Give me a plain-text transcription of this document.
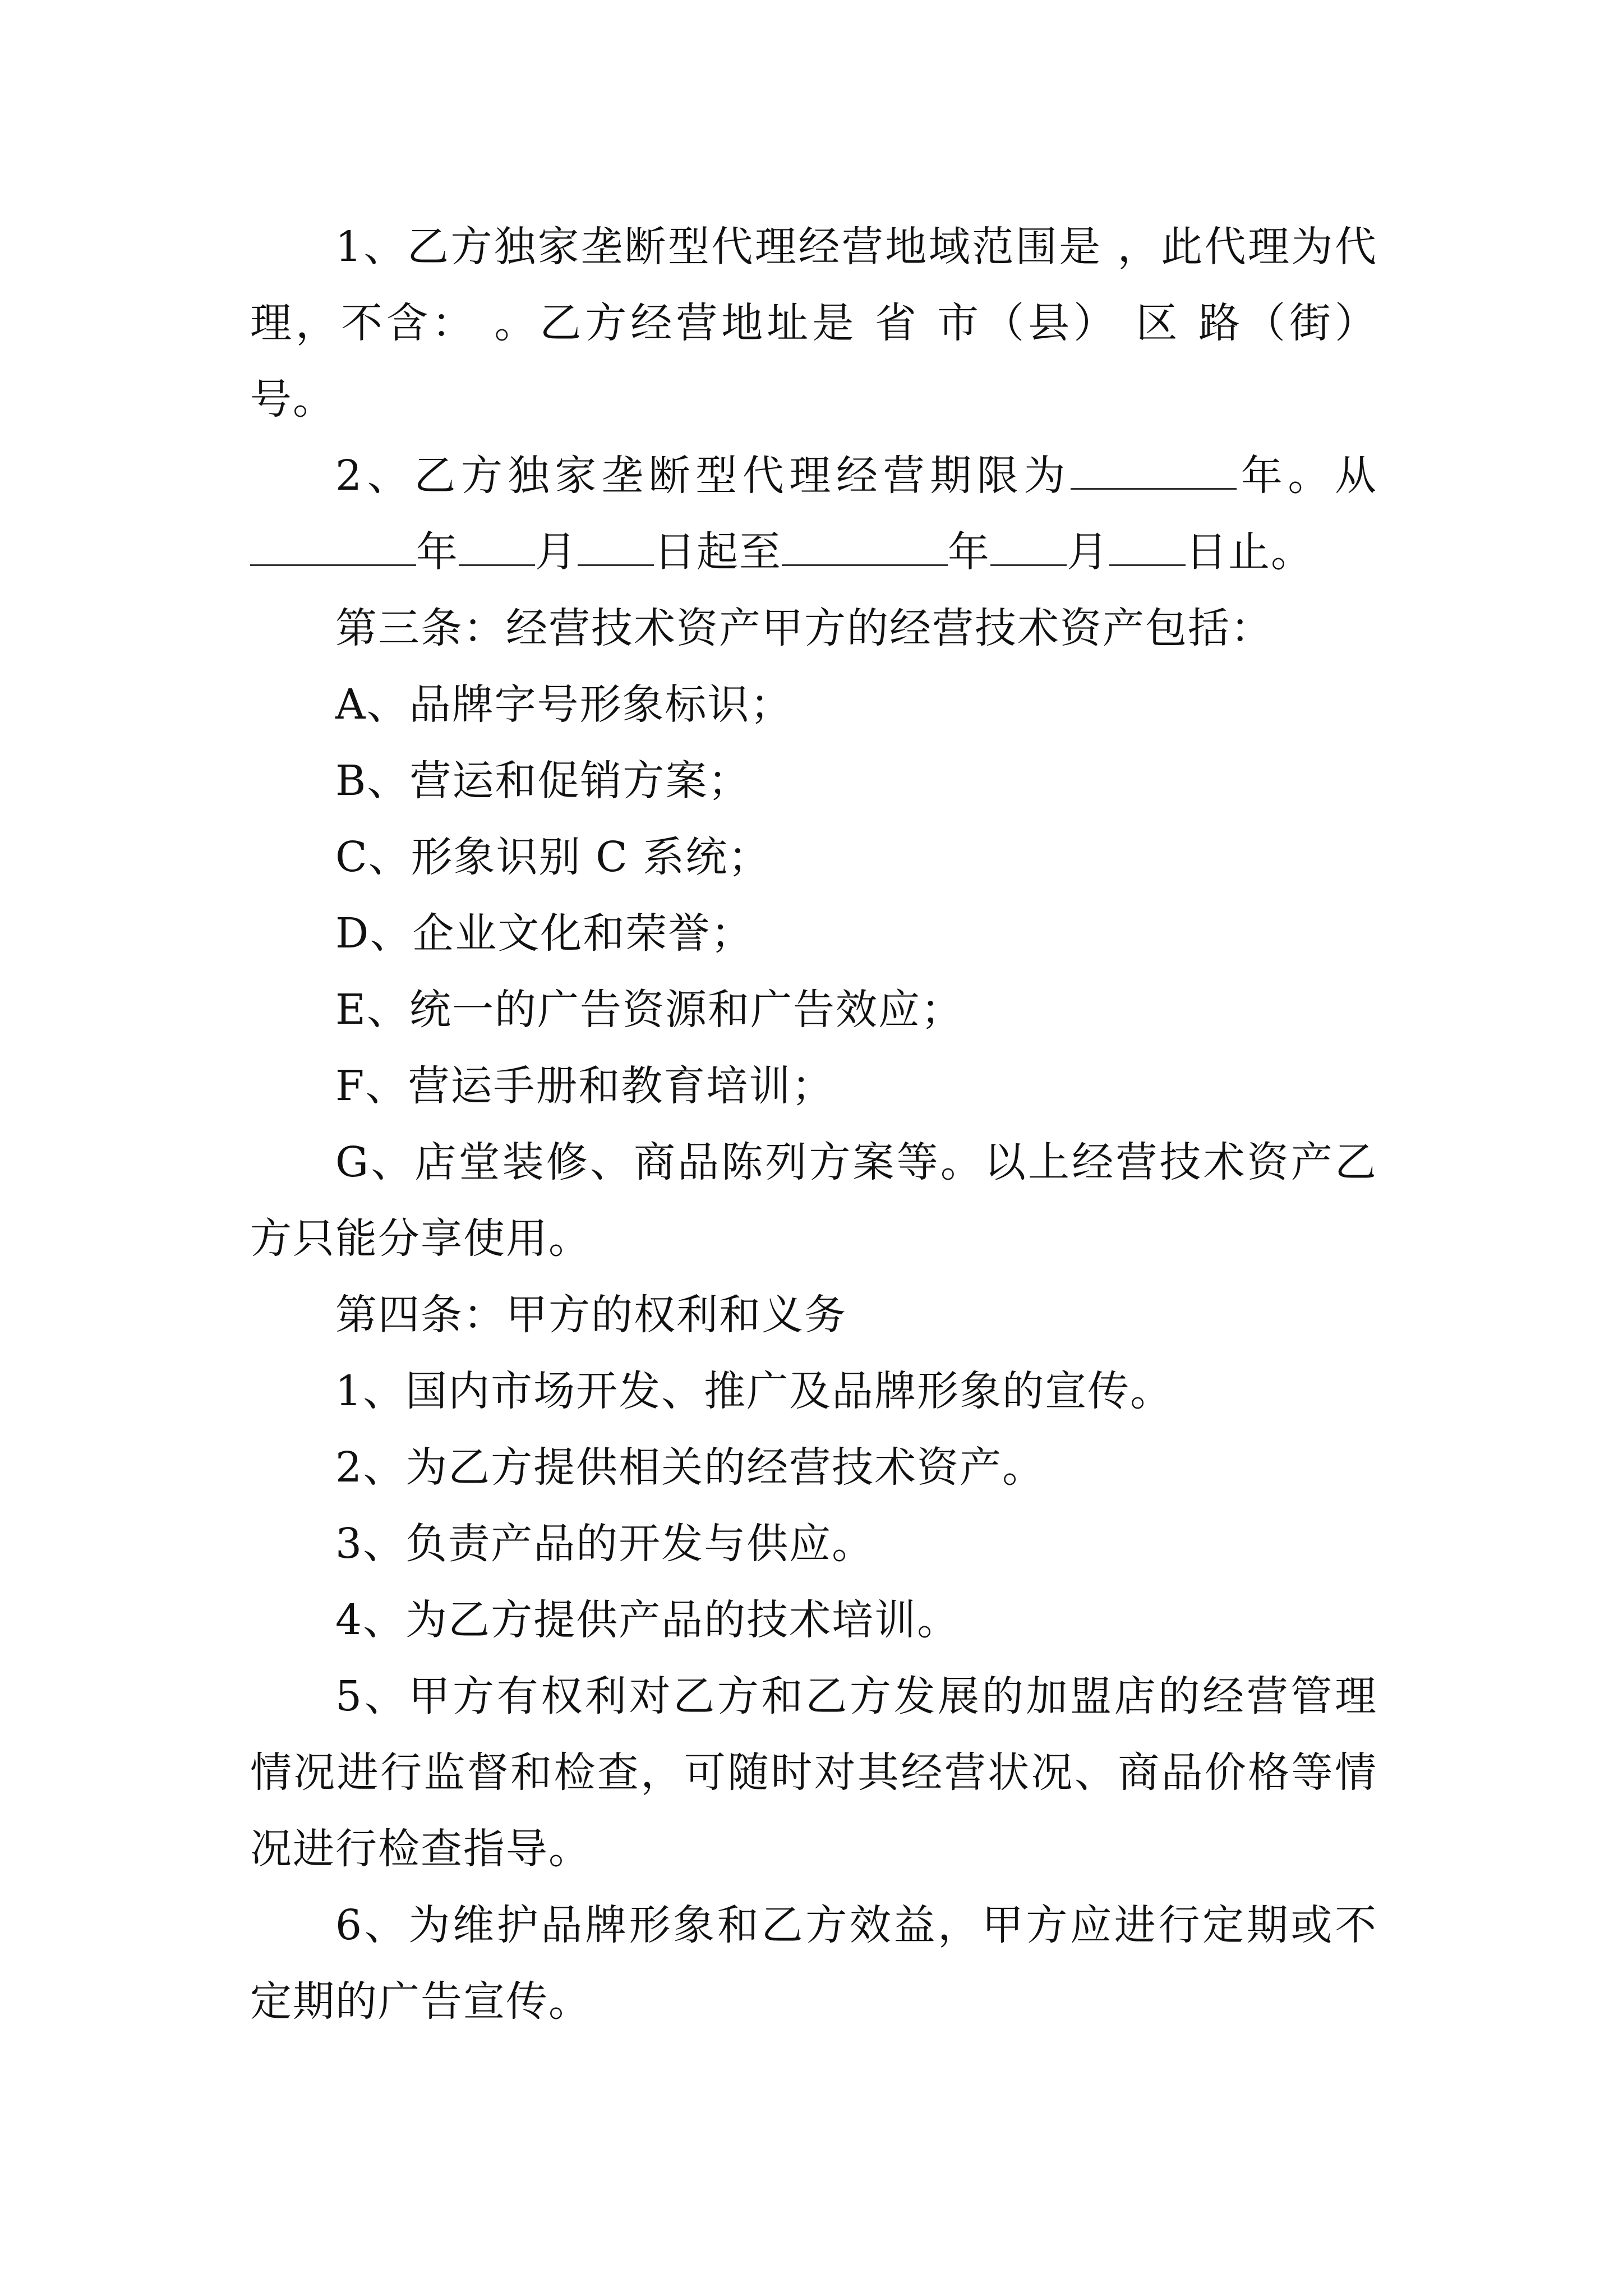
1、乙方独家垄断型代理经营地域范围是 ，此代理为代理，不含： 。乙方经营地址是 省 市（县） 区 路（街）号。

2、乙方独家垄断型代理经营期限为	年。从年 月 日起至	年 月 日止。

第三条：经营技术资产甲方的经营技术资产包括：

A、品牌字号形象标识；

B、营运和促销方案；

C、形象识别 C 系统；

D、企业文化和荣誉；

E、统一的广告资源和广告效应；

F、营运手册和教育培训；

G、店堂装修、商品陈列方案等。以上经营技术资产乙方只能分享使用。

第四条：甲方的权利和义务

1、国内市场开发、推广及品牌形象的宣传。

2、为乙方提供相关的经营技术资产。

3、负责产品的开发与供应。

4、为乙方提供产品的技术培训。

5、甲方有权利对乙方和乙方发展的加盟店的经营管理情况进行监督和检查，可随时对其经营状况、商品价格等情况进行检查指导。

6、为维护品牌形象和乙方效益，甲方应进行定期或不定期的广告宣传。
